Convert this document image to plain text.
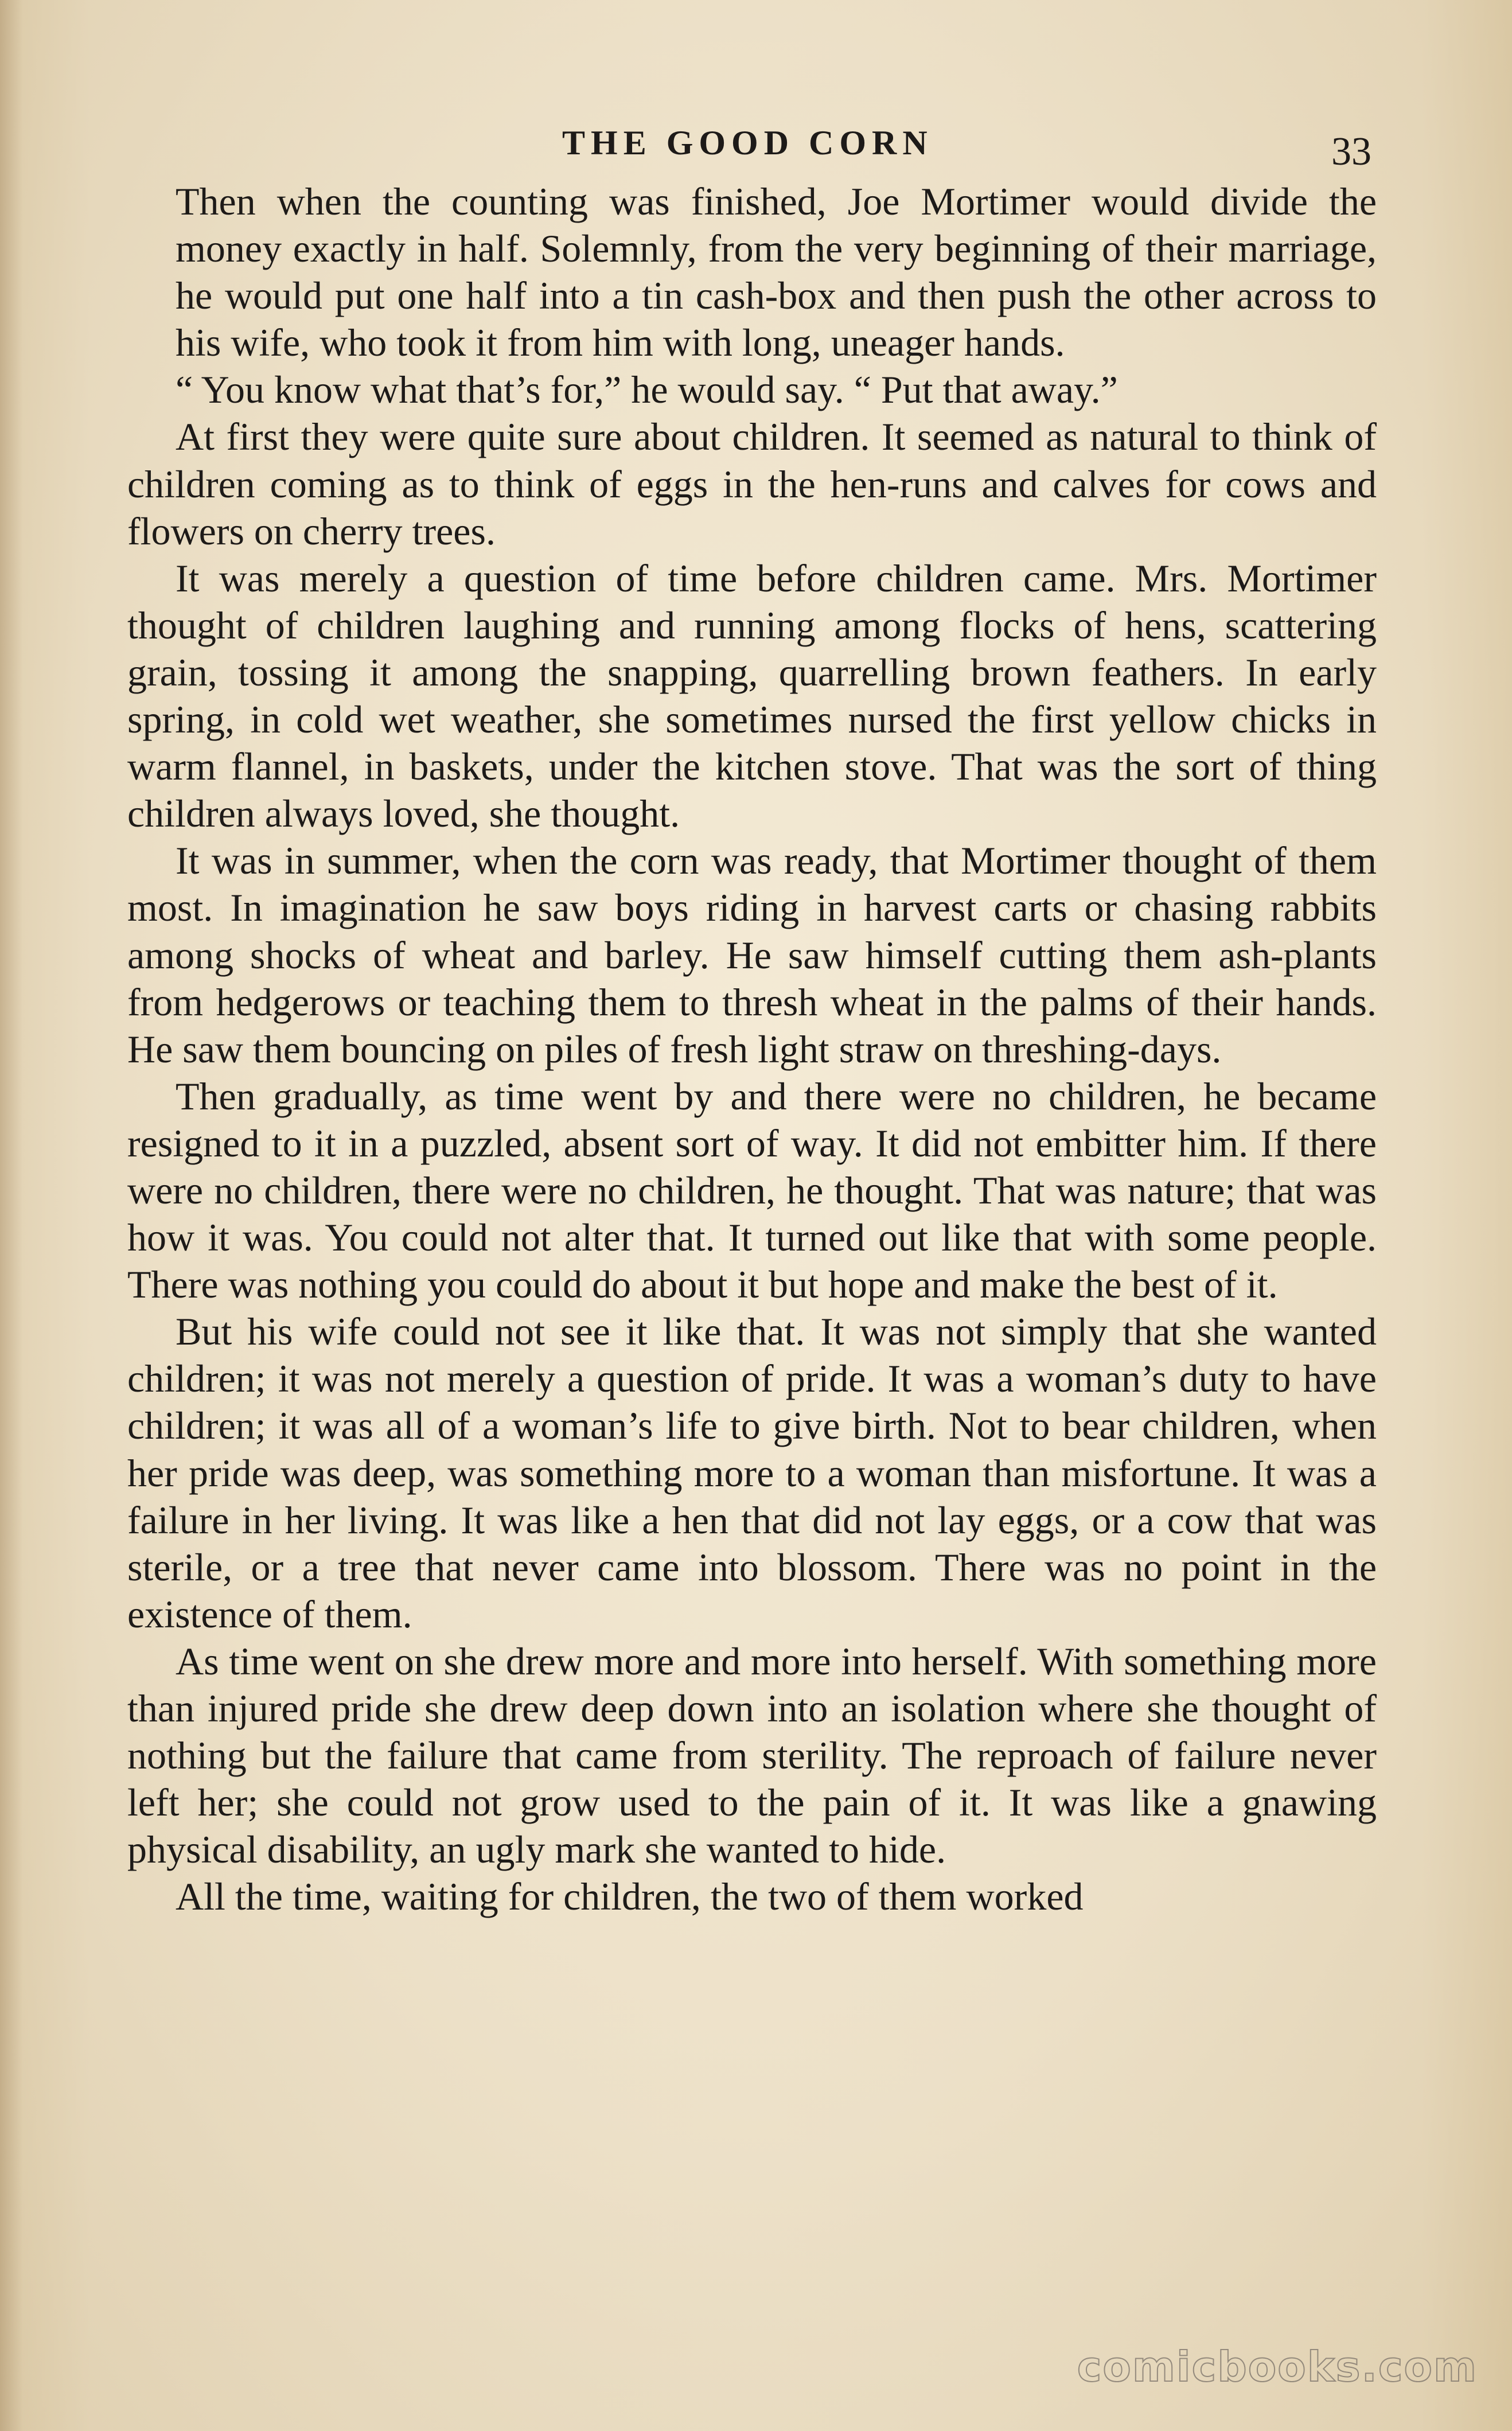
THE GOOD CORN	33

Then when the counting was finished, Joe Mortimer would divide the money exactly in half. Solemnly, from the very beginning of their marriage, he would put one half into a tin cash-box and then push the other across to his wife, who took it from him with long, uneager hands.

“ You know what that’s for,” he would say. “ Put that away.”

At first they were quite sure about children. It seemed as natural to think of children coming as to think of eggs in the hen-runs and calves for cows and flowers on cherry trees.

It was merely a question of time before children came. Mrs. Mortimer thought of children laughing and running among flocks of hens, scattering grain, tossing it among the snapping, quarrelling brown feathers. In early spring, in cold wet weather, she sometimes nursed the first yellow chicks in warm flannel, in baskets, under the kitchen stove. That was the sort of thing children always loved, she thought.

It was in summer, when the corn was ready, that Mortimer thought of them most. In imagination he saw boys riding in harvest carts or chasing rabbits among shocks of wheat and barley. He saw himself cutting them ash-plants from hedgerows or teaching them to thresh wheat in the palms of their hands. He saw them bouncing on piles of fresh light straw on threshing-days.

Then gradually, as time went by and there were no children, he became resigned to it in a puzzled, absent sort of way. It did not embitter him. If there were no children, there were no children, he thought. That was nature; that was how it was. You could not alter that. It turned out like that with some people. There was nothing you could do about it but hope and make the best of it.

But his wife could not see it like that. It was not simply that she wanted children; it was not merely a question of pride. It was a woman’s duty to have children; it was all of a woman’s life to give birth. Not to bear children, when her pride was deep, was something more to a woman than misfortune. It was a failure in her living. It was like a hen that did not lay eggs, or a cow that was sterile, or a tree that never came into blossom. There was no point in the existence of them.

As time went on she drew more and more into herself. With something more than injured pride she drew deep down into an isolation where she thought of nothing but the failure that came from sterility. The reproach of failure never left her; she could not grow used to the pain of it. It was like a gnawing physical disability, an ugly mark she wanted to hide.

All the time, waiting for children, the two of them worked

comicbooks.com
